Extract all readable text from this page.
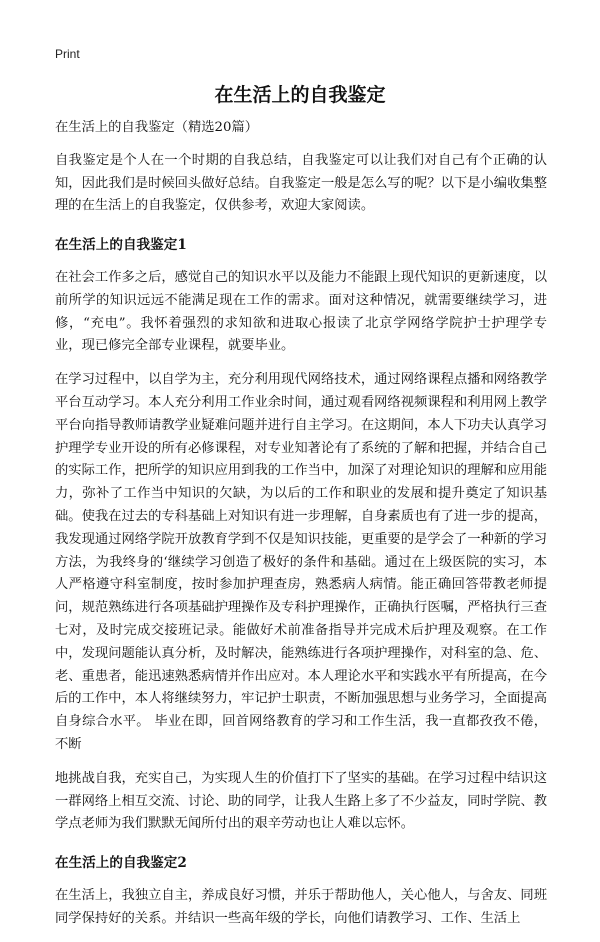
Print
在生活上的自我鉴定

在生活上的自我鉴定（精选20篇）

自我鉴定是个人在一个时期的自我总结，自我鉴定可以让我们对自己有个正确的认知，因此我们是时候回头做好总结。自我鉴定一般是怎么写的呢？以下是小编收集整理的在生活上的自我鉴定，仅供参考，欢迎大家阅读。

在生活上的自我鉴定1

在社会工作多之后，感觉自己的知识水平以及能力不能跟上现代知识的更新速度，以前所学的知识远远不能满足现在工作的需求。面对这种情况，就需要继续学习，进修，“充电”。我怀着强烈的求知欲和进取心报读了北京学网络学院护士护理学专业，现已修完全部专业课程，就要毕业。

在学习过程中，以自学为主，充分利用现代网络技术，通过网络课程点播和网络教学平台互动学习。本人充分利用工作业余时间，通过观看网络视频课程和利用网上教学平台向指导教师请教学业疑难问题并进行自主学习。在这期间，本人下功夫认真学习护理学专业开设的所有必修课程，对专业知著论有了系统的了解和把握，并结合自己的实际工作，把所学的知识应用到我的工作当中，加深了对理论知识的理解和应用能力，弥补了工作当中知识的欠缺，为以后的工作和职业的发展和提升奠定了知识基础。使我在过去的专科基础上对知识有进一步理解，自身素质也有了进一步的提高，我发现通过网络学院开放教育学到不仅是知识技能，更重要的是学会了一种新的学习方法，为我终身的‘继续学习创造了极好的条件和基础。通过在上级医院的实习，本人严格遵守科室制度，按时参加护理查房，熟悉病人病情。能正确回答带教老师提问，规范熟练进行各项基础护理操作及专科护理操作，正确执行医嘱，严格执行三查七对，及时完成交接班记录。能做好术前准备指导并完成术后护理及观察。在工作中，发现问题能认真分析，及时解决，能熟练进行各项护理操作，对科室的急、危、老、重患者，能迅速熟悉病情并作出应对。本人理论水平和实践水平有所提高，在今后的工作中，本人将继续努力，牢记护士职责，不断加强思想与业务学习，全面提高自身综合水平。 毕业在即，回首网络教育的学习和工作生活，我一直都孜孜不倦，不断

地挑战自我，充实自己，为实现人生的价值打下了坚实的基础。在学习过程中结识这一群网络上相互交流、讨论、助的同学，让我人生路上多了不少益友，同时学院、教学点老师为我们默默无闻所付出的艰辛劳动也让人难以忘怀。

在生活上的自我鉴定2

在生活上，我独立自主，养成良好习惯，并乐于帮助他人，关心他人，与舍友、同班同学保持好的关系。并结识一些高年级的学长，向他们请教学习、工作、生活上
